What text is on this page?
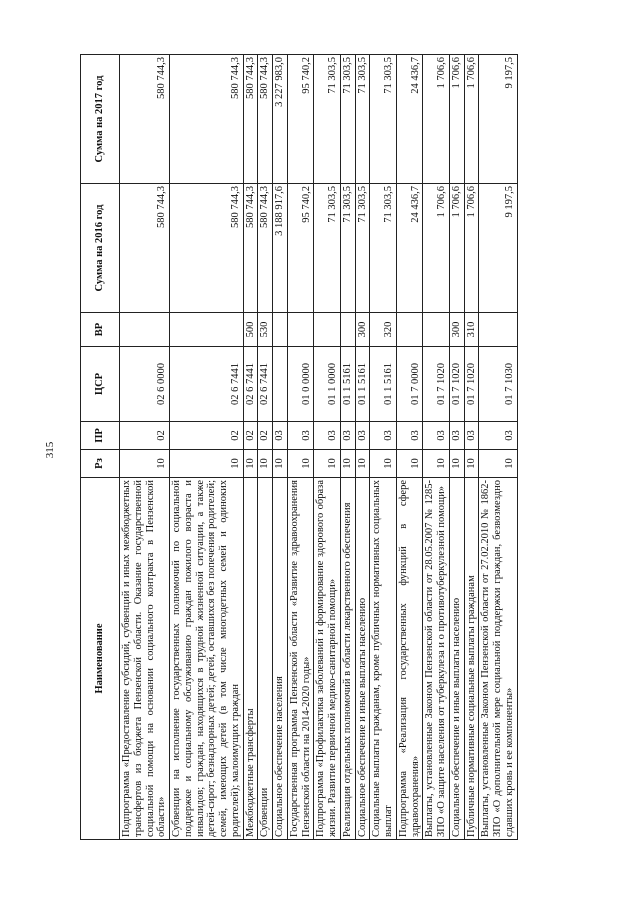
315
Наименование	Рз	ПР	ЦСР	ВР	Сумма на 2016 год	Сумма на 2017 год
Подпрограмма «Предоставление субсидий, субвенций и иных межбюджетных трансфертов из бюджета Пензенской области. Оказание государственной социальной помощи на основании социального контракта в Пензенской области»	10	02	02 6 0000		580 744,3	580 744,3
Субвенции на исполнение государственных полномочий по социальной поддержке и социальному обслуживанию граждан пожилого возраста и инвалидов; граждан, находящихся в трудной жизненной ситуации, а также детей-сирот; безнадзорных детей; детей, оставшихся без попечения родителей; семей, имеющих детей (в том числе многодетных семей и одиноких родителей); малоимущих граждан	10	02	02 6 7441		580 744,3	580 744,3
Межбюджетные трансферты	10	02	02 6 7441	500	580 744,3	580 744,3
Субвенции	10	02	02 6 7441	530	580 744,3	580 744,3
Социальное обеспечение населения	10	03			3 188 917,6	3 227 983,0
Государственная программа Пензенской области «Развитие здравоохранения Пензенской области на 2014-2020 годы»	10	03	01 0 0000		95 740,2	95 740,2
Подпрограмма «Профилактика заболеваний и формирование здорового образа жизни. Развитие первичной медико-санитарной помощи»	10	03	01 1 0000		71 303,5	71 303,5
Реализация отдельных полномочий в области лекарственного обеспечения	10	03	01 1 5161		71 303,5	71 303,5
Социальное обеспечение и иные выплаты населению	10	03	01 1 5161	300	71 303,5	71 303,5
Социальные выплаты гражданам, кроме публичных нормативных социальных выплат	10	03	01 1 5161	320	71 303,5	71 303,5
Подпрограмма «Реализация государственных функций в сфере здравоохранения»	10	03	01 7 0000		24 436,7	24 436,7
Выплаты, установленные Законом Пензенской области от 28.05.2007 № 1285-ЗПО «О защите населения от туберкулеза и о противотуберкулезной помощи»	10	03	01 7 1020		1 706,6	1 706,6
Социальное обеспечение и иные выплаты населению	10	03	01 7 1020	300	1 706,6	1 706,6
Публичные нормативные социальные выплаты гражданам	10	03	01 7 1020	310	1 706,6	1 706,6
Выплаты, установленные Законом Пензенской области от 27.02.2010 № 1862-ЗПО «О дополнительной мере социальной поддержки граждан, безвозмездно сдавших кровь и ее компоненты»	10	03	01 7 1030		9 197,5	9 197,5
